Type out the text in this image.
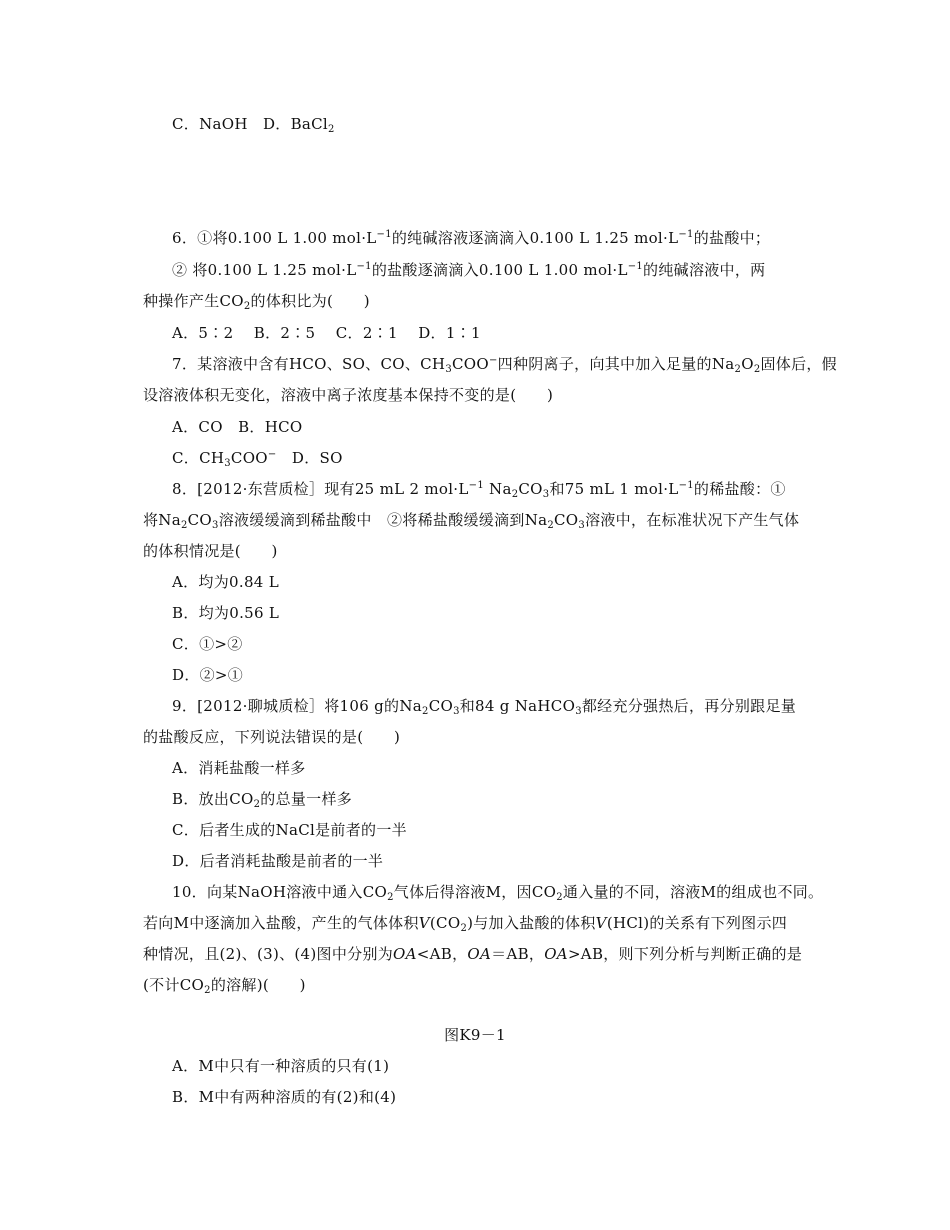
C．NaOH D．BaCl$_2$
6．①将0.100 L 1.00 $mol\cdot L^{-1}$的纯碱溶液逐滴滴入0.100 L 1.25 $mol\cdot L^{-1}$的盐酸中；
② 将0.100 L 1.25 $mol\cdot L^{-1}$的盐酸逐滴滴入0.100 L 1.00 $mol\cdot L^{-1}$的纯碱溶液中，两
种操作产生$CO_2$的体积比为(　　)
A．5∶2　 B．2∶5　 C．2∶1　 D．1∶1
7．某溶液中含有HCO、SO、CO、$CH_3COO^-$四种阴离子，向其中加入足量的$Na_2O_2$固体后，假
设溶液体积无变化，溶液中离子浓度基本保持不变的是(　　)
A．CO　B．HCO
C．$CH_3COO^-$　D．SO
8．[2012·东营质检］现有25 mL 2 $mol\cdot L^{-1}$ $Na_2CO_3$和75 mL 1 $mol\cdot L^{-1}$的稀盐酸：①
将$Na_2CO_3$溶液缓缓滴到稀盐酸中　②将稀盐酸缓缓滴到$Na_2CO_3$溶液中，在标准状况下产生气体
的体积情况是(　　)
A．均为0.84 L
B．均为0.56 L
C．①>②
D．②>①
9．[2012·聊城质检］将106 g的$Na_2CO_3$和84 g NaHCO$_3$都经充分强热后，再分别跟足量
的盐酸反应，下列说法错误的是(　　)
A．消耗盐酸一样多
B．放出$CO_2$的总量一样多
C．后者生成的NaCl是前者的一半
D．后者消耗盐酸是前者的一半
10．向某NaOH溶液中通入$CO_2$气体后得溶液M，因$CO_2$通入量的不同，溶液M的组成也不同。
若向M中逐滴加入盐酸，产生的气体体积$V(CO_2)$与加入盐酸的体积V(HCl)的关系有下列图示四
种情况，且(2)、(3)、(4)图中分别为OA<AB，OA＝AB，OA>AB，则下列分析与判断正确的是
(不计$CO_2$的溶解)(　　)
图K9－1
A．M中只有一种溶质的只有(1)
B．M中有两种溶质的有(2)和(4)
